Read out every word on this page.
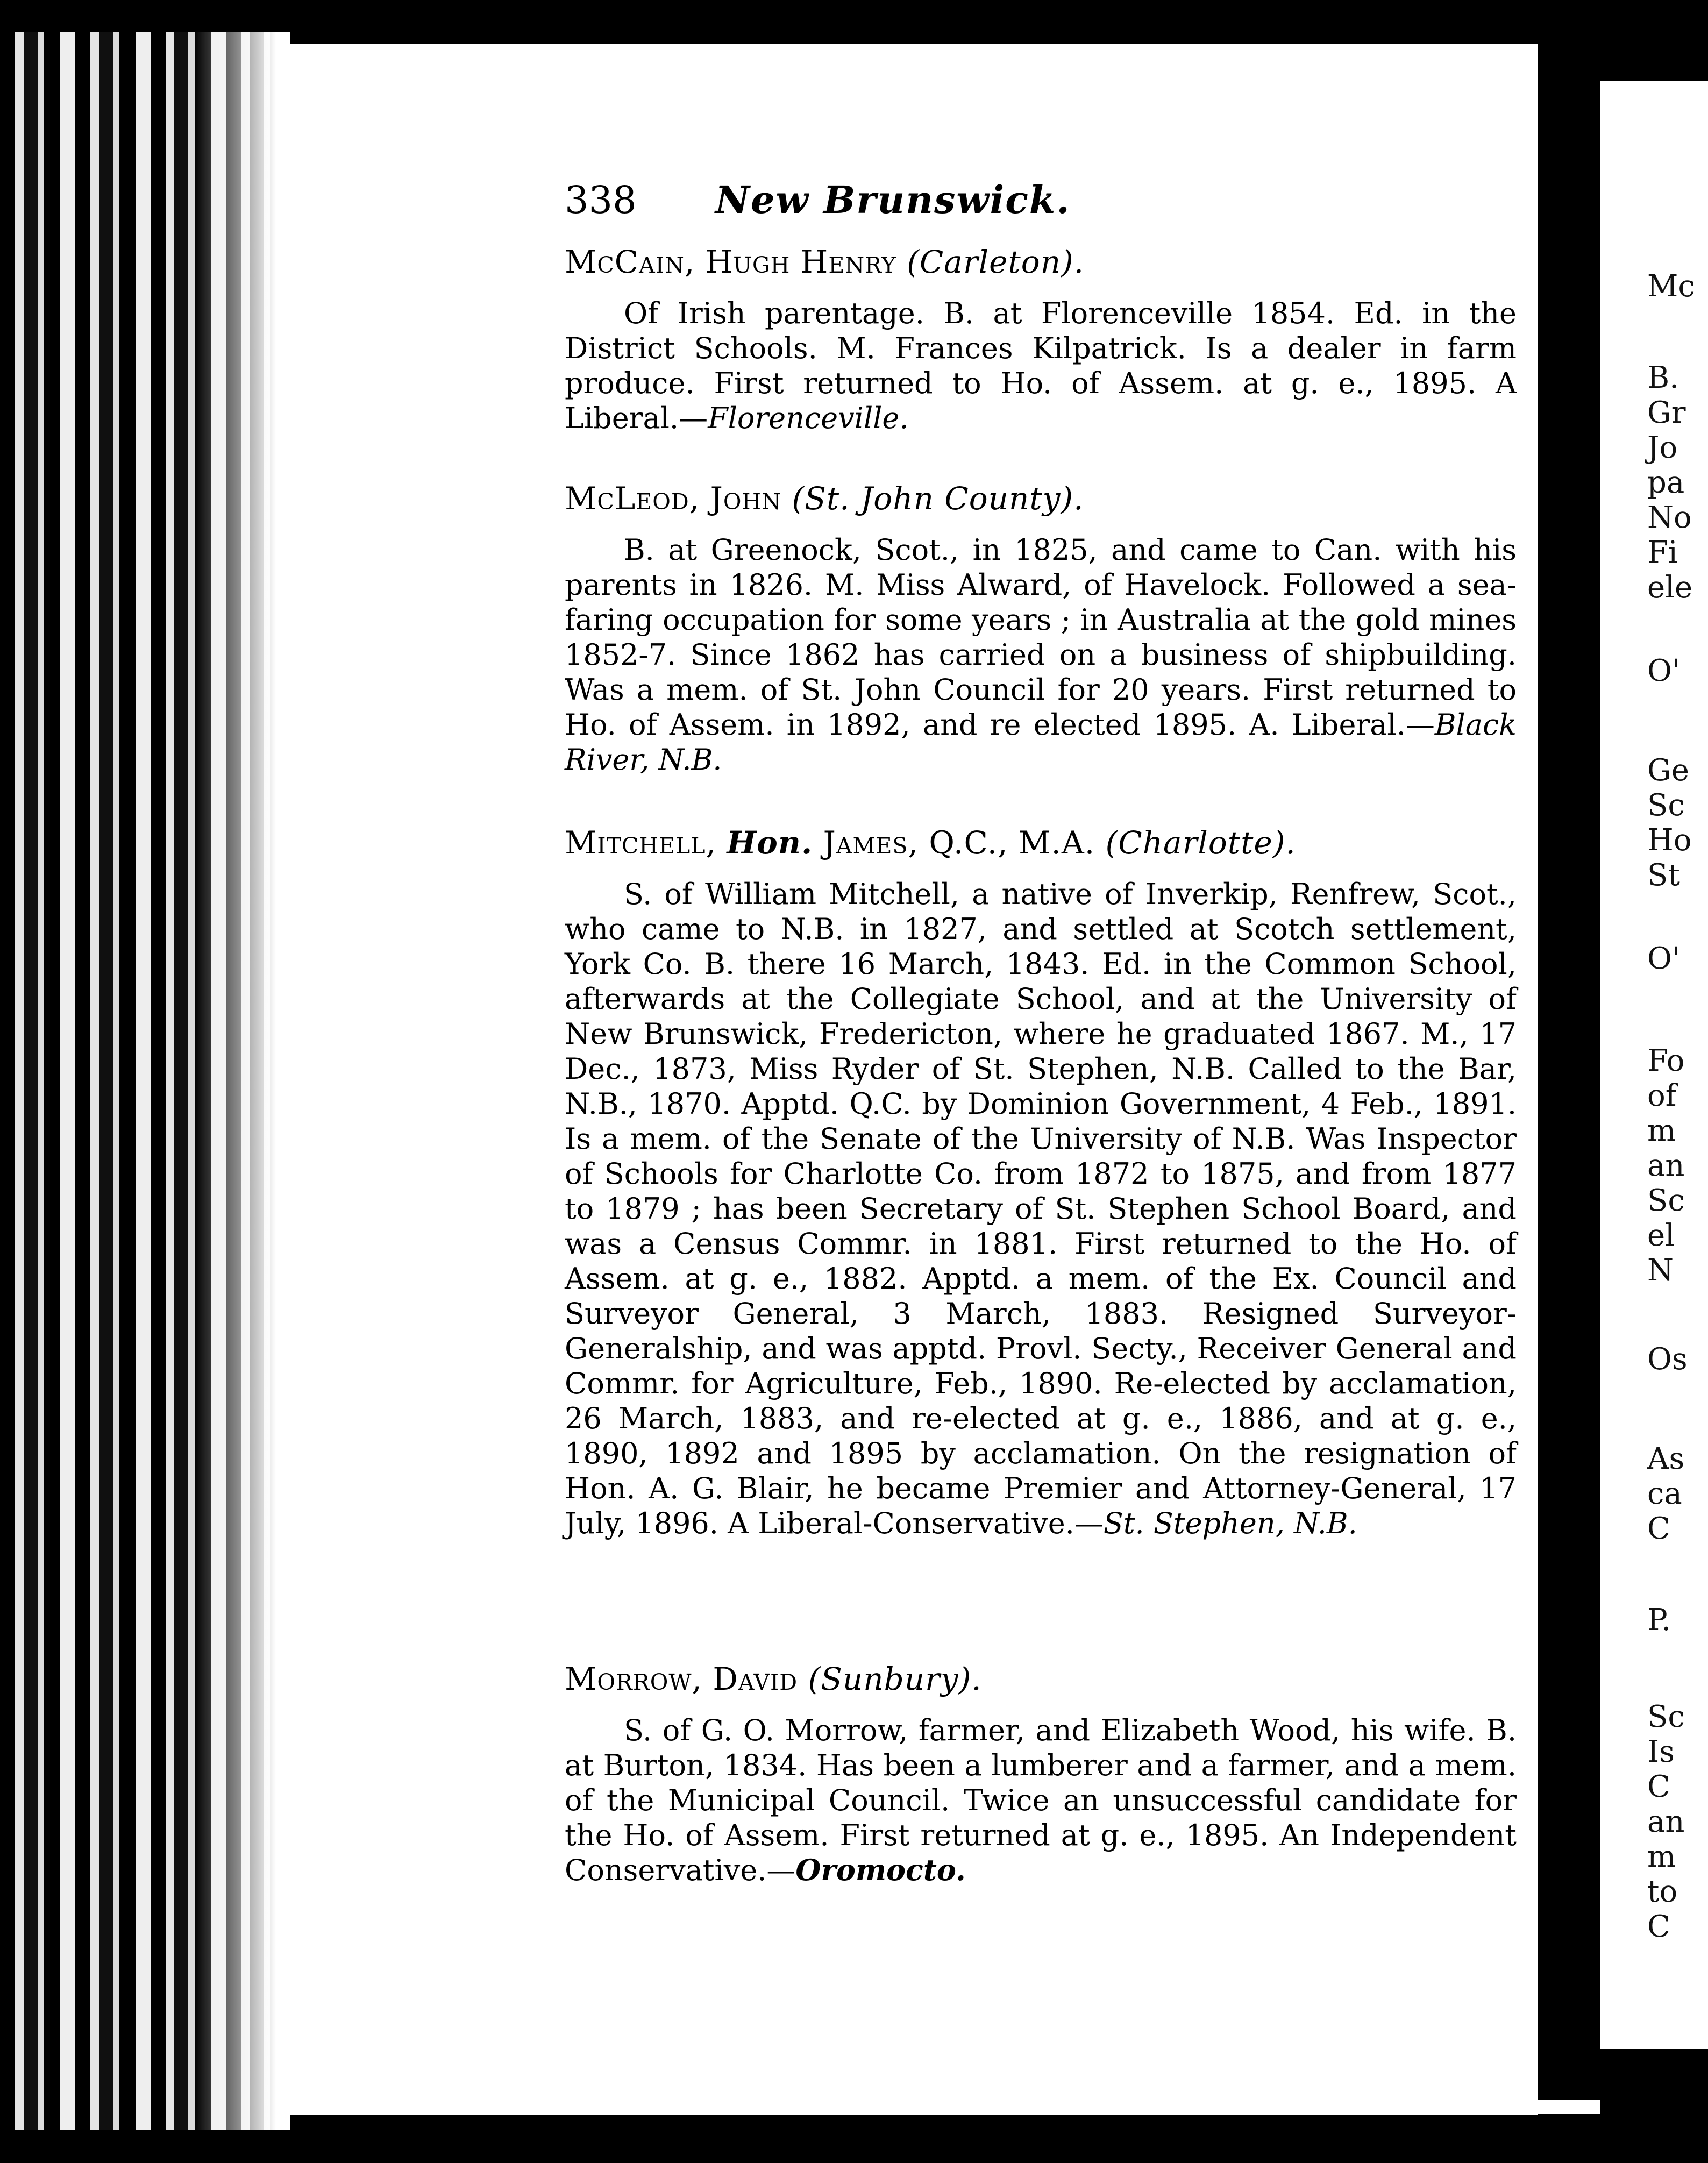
Mc
B.
Gr
Jo
pa
No
Fi
ele
O'
Ge
Sc
Ho
St
O'
Fo
of
m
an
Sc
el
N
Os
As
ca
C
P.
Sc
Is
C
an
m
to
C
338	New Brunswick.
McCain, Hugh Henry (Carleton).

Of Irish parentage. B. at Florenceville 1854. Ed. in the District Schools. M. Frances Kilpatrick. Is a dealer in farm produce. First returned to Ho. of Assem. at g. e., 1895. A Liberal.—Florenceville.

McLeod, John (St. John County).

B. at Greenock, Scot., in 1825, and came to Can. with his parents in 1826. M. Miss Alward, of Havelock. Followed a sea-faring occupation for some years ; in Australia at the gold mines 1852-7. Since 1862 has carried on a business of shipbuilding. Was a mem. of St. John Council for 20 years. First returned to Ho. of Assem. in 1892, and re elected 1895. A. Liberal.—Black River, N.B.

Mitchell, Hon. James, Q.C., M.A. (Charlotte).

S. of William Mitchell, a native of Inverkip, Renfrew, Scot., who came to N.B. in 1827, and settled at Scotch settlement, York Co. B. there 16 March, 1843. Ed. in the Common School, afterwards at the Collegiate School, and at the University of New Brunswick, Fredericton, where he graduated 1867. M., 17 Dec., 1873, Miss Ryder of St. Stephen, N.B. Called to the Bar, N.B., 1870. Apptd. Q.C. by Dominion Government, 4 Feb., 1891. Is a mem. of the Senate of the University of N.B. Was Inspector of Schools for Charlotte Co. from 1872 to 1875, and from 1877 to 1879 ; has been Secretary of St. Stephen School Board, and was a Census Commr. in 1881. First returned to the Ho. of Assem. at g. e., 1882. Apptd. a mem. of the Ex. Council and Surveyor General, 3 March, 1883. Resigned Surveyor-Generalship, and was apptd. Provl. Secty., Receiver General and Commr. for Agriculture, Feb., 1890. Re-elected by acclamation, 26 March, 1883, and re-elected at g. e., 1886, and at g. e., 1890, 1892 and 1895 by acclamation. On the resignation of Hon. A. G. Blair, he became Premier and Attorney-General, 17 July, 1896. A Liberal-Conservative.—St. Stephen, N.B.

Morrow, David (Sunbury).

S. of G. O. Morrow, farmer, and Elizabeth Wood, his wife. B. at Burton, 1834. Has been a lumberer and a farmer, and a mem. of the Municipal Council. Twice an unsuccessful candidate for the Ho. of Assem. First returned at g. e., 1895. An Independent Conservative.—Oromocto.
